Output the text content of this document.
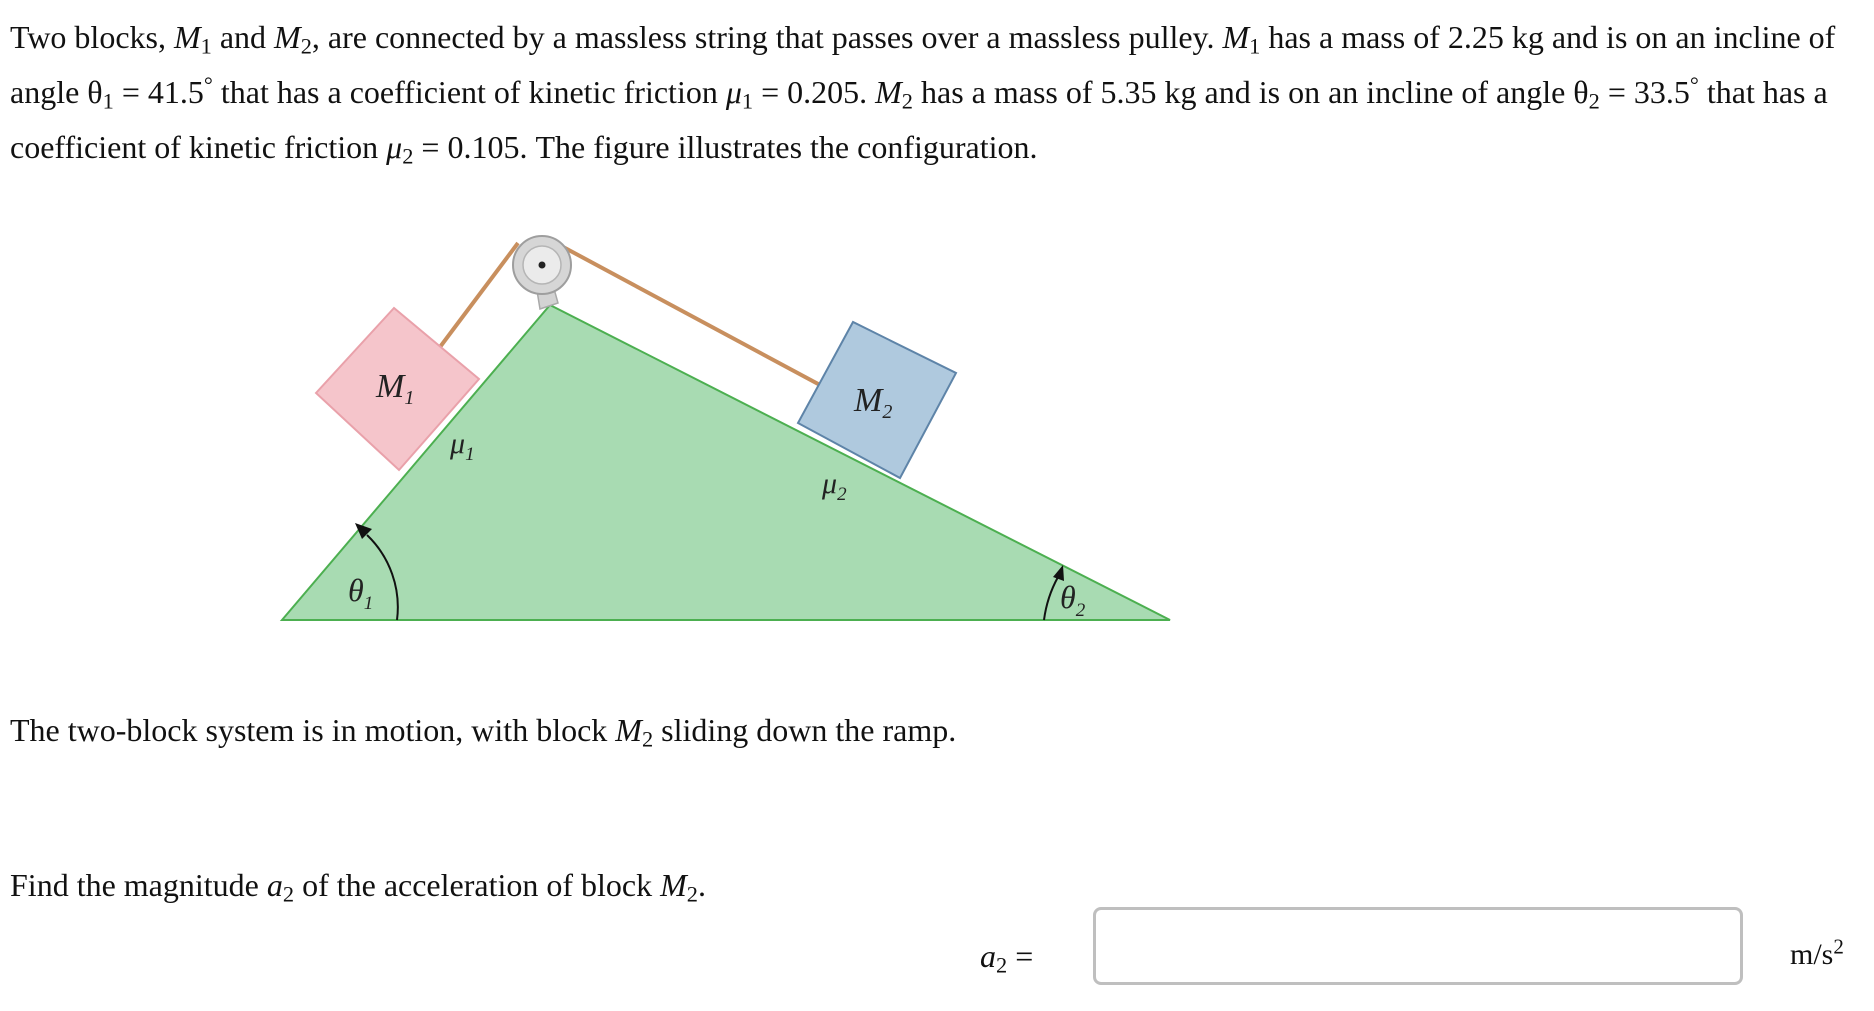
Two blocks, $M_1$ and $M_2$, are connected by a massless string that passes over a massless pulley. $M_1$ has a mass of 2.25 kg and is on an incline of angle $\theta_1 = 41.5^\circ$ that has a coefficient of kinetic friction $\mu_1 = 0.205$. $M_2$ has a mass of 5.35 kg and is on an incline of angle $\theta_2 = 33.5^\circ$ that has a coefficient of kinetic friction $\mu_2 = 0.105$. The figure illustrates the configuration.
$M_1$	$M_2$
$\mu_1$
$\mu_2$
$\theta_1$	$\theta_2$
The two-block system is in motion, with block $M_2$ sliding down the ramp.
Find the magnitude $a_2$ of the acceleration of block $M_2$.
$a_2$ =	$m/s^2$
